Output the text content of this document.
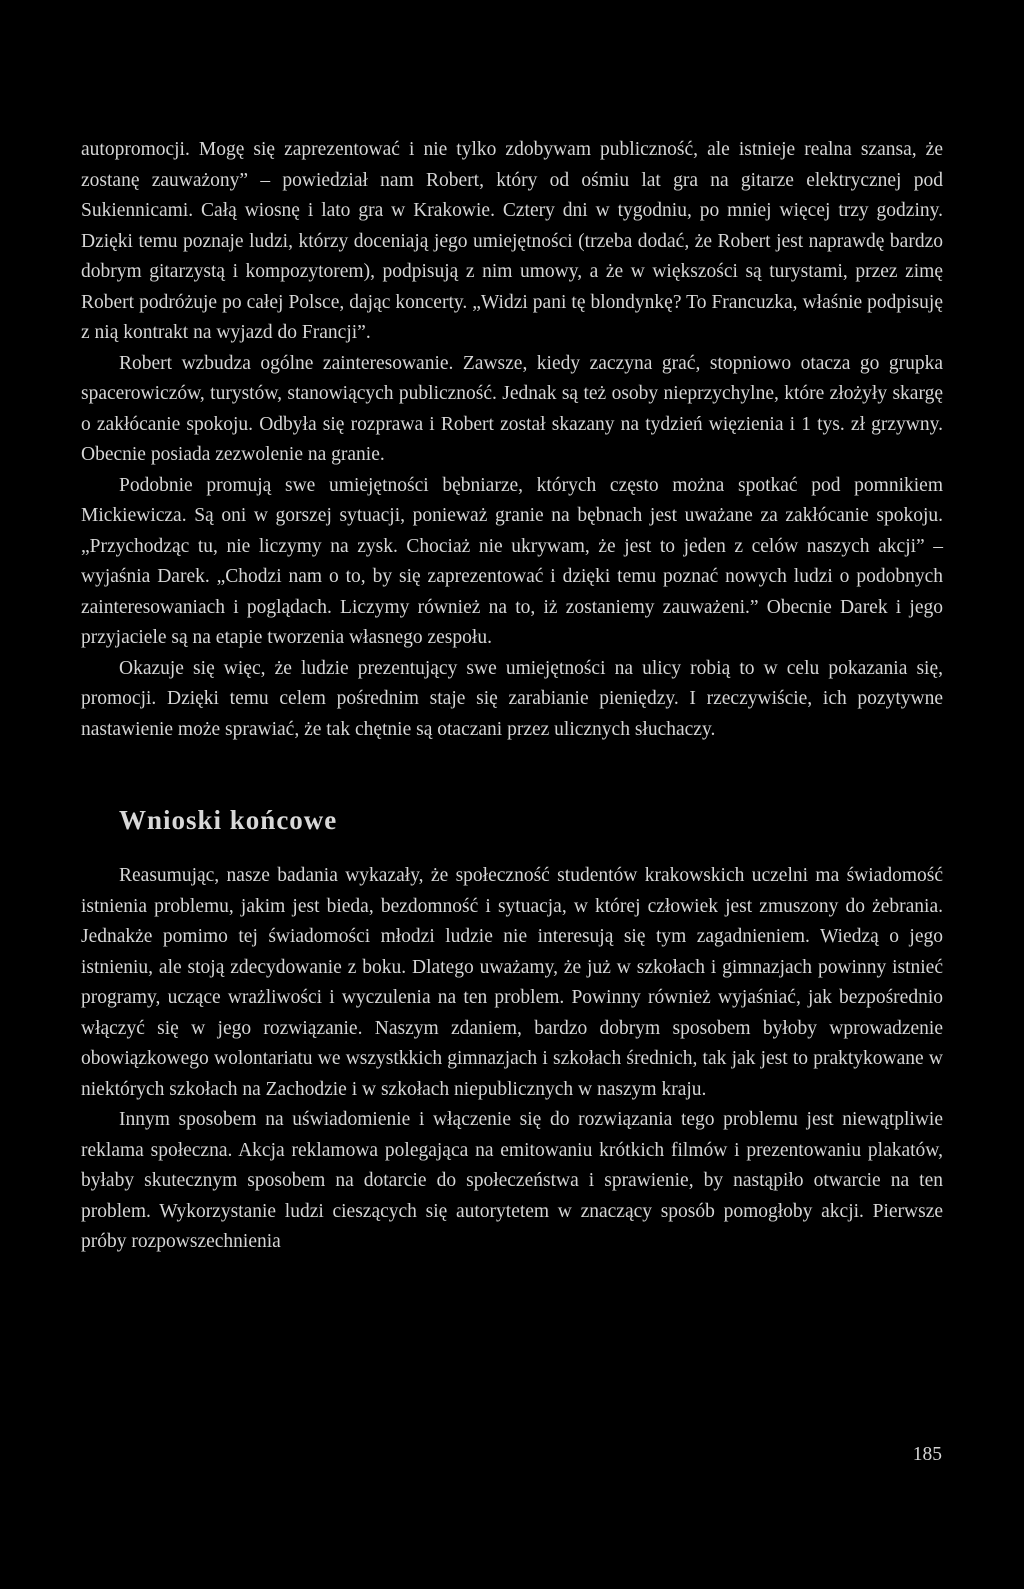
autopromocji. Mogę się zaprezentować i nie tylko zdobywam publiczność, ale istnieje realna szansa, że zostanę zauważony” – powiedział nam Robert, który od ośmiu lat gra na gitarze elektrycznej pod Sukiennicami. Całą wiosnę i lato gra w Krakowie. Cztery dni w tygodniu, po mniej więcej trzy godziny. Dzięki temu poznaje ludzi, którzy doceniają jego umiejętności (trzeba dodać, że Robert jest naprawdę bardzo dobrym gitarzystą i kompozytorem), podpisują z nim umowy, a że w większości są turystami, przez zimę Robert podróżuje po całej Polsce, dając koncerty. „Widzi pani tę blondynkę? To Francuzka, właśnie podpisuję z nią kontrakt na wyjazd do Francji”.

Robert wzbudza ogólne zainteresowanie. Zawsze, kiedy zaczyna grać, stopniowo otacza go grupka spacerowiczów, turystów, stanowiących publiczność. Jednak są też osoby nieprzychylne, które złożyły skargę o zakłócanie spokoju. Odbyła się rozprawa i Robert został skazany na tydzień więzienia i 1 tys. zł grzywny. Obecnie posiada zezwolenie na granie.

Podobnie promują swe umiejętności bębniarze, których często można spotkać pod pomnikiem Mickiewicza. Są oni w gorszej sytuacji, ponieważ granie na bębnach jest uważane za zakłócanie spokoju. „Przychodząc tu, nie liczymy na zysk. Chociaż nie ukrywam, że jest to jeden z celów naszych akcji” – wyjaśnia Darek. „Chodzi nam o to, by się zaprezentować i dzięki temu poznać nowych ludzi o podobnych zainteresowaniach i poglądach. Liczymy również na to, iż zostaniemy zauważeni.” Obecnie Darek i jego przyjaciele są na etapie tworzenia własnego zespołu.

Okazuje się więc, że ludzie prezentujący swe umiejętności na ulicy robią to w celu pokazania się, promocji. Dzięki temu celem pośrednim staje się zarabianie pieniędzy. I rzeczywiście, ich pozytywne nastawienie może sprawiać, że tak chętnie są otaczani przez ulicznych słuchaczy.

Wnioski końcowe

Reasumując, nasze badania wykazały, że społeczność studentów krakowskich uczelni ma świadomość istnienia problemu, jakim jest bieda, bezdomność i sytuacja, w której człowiek jest zmuszony do żebrania. Jednakże pomimo tej świadomości młodzi ludzie nie interesują się tym zagadnieniem. Wiedzą o jego istnieniu, ale stoją zdecydowanie z boku. Dlatego uważamy, że już w szkołach i gimnazjach powinny istnieć programy, uczące wrażliwości i wyczulenia na ten problem. Powinny również wyjaśniać, jak bezpośrednio włączyć się w jego rozwiązanie. Naszym zdaniem, bardzo dobrym sposobem byłoby wprowadzenie obowiązkowego wolontariatu we wszystkkich gimnazjach i szkołach średnich, tak jak jest to praktykowane w niektórych szkołach na Zachodzie i w szkołach niepublicznych w naszym kraju.

Innym sposobem na uświadomienie i włączenie się do rozwiązania tego problemu jest niewątpliwie reklama społeczna. Akcja reklamowa polegająca na emitowaniu krótkich filmów i prezentowaniu plakatów, byłaby skutecznym sposobem na dotarcie do społeczeństwa i sprawienie, by nastąpiło otwarcie na ten problem. Wykorzystanie ludzi cieszących się autorytetem w znaczący sposób pomogłoby akcji. Pierwsze próby rozpowszechnienia

185
